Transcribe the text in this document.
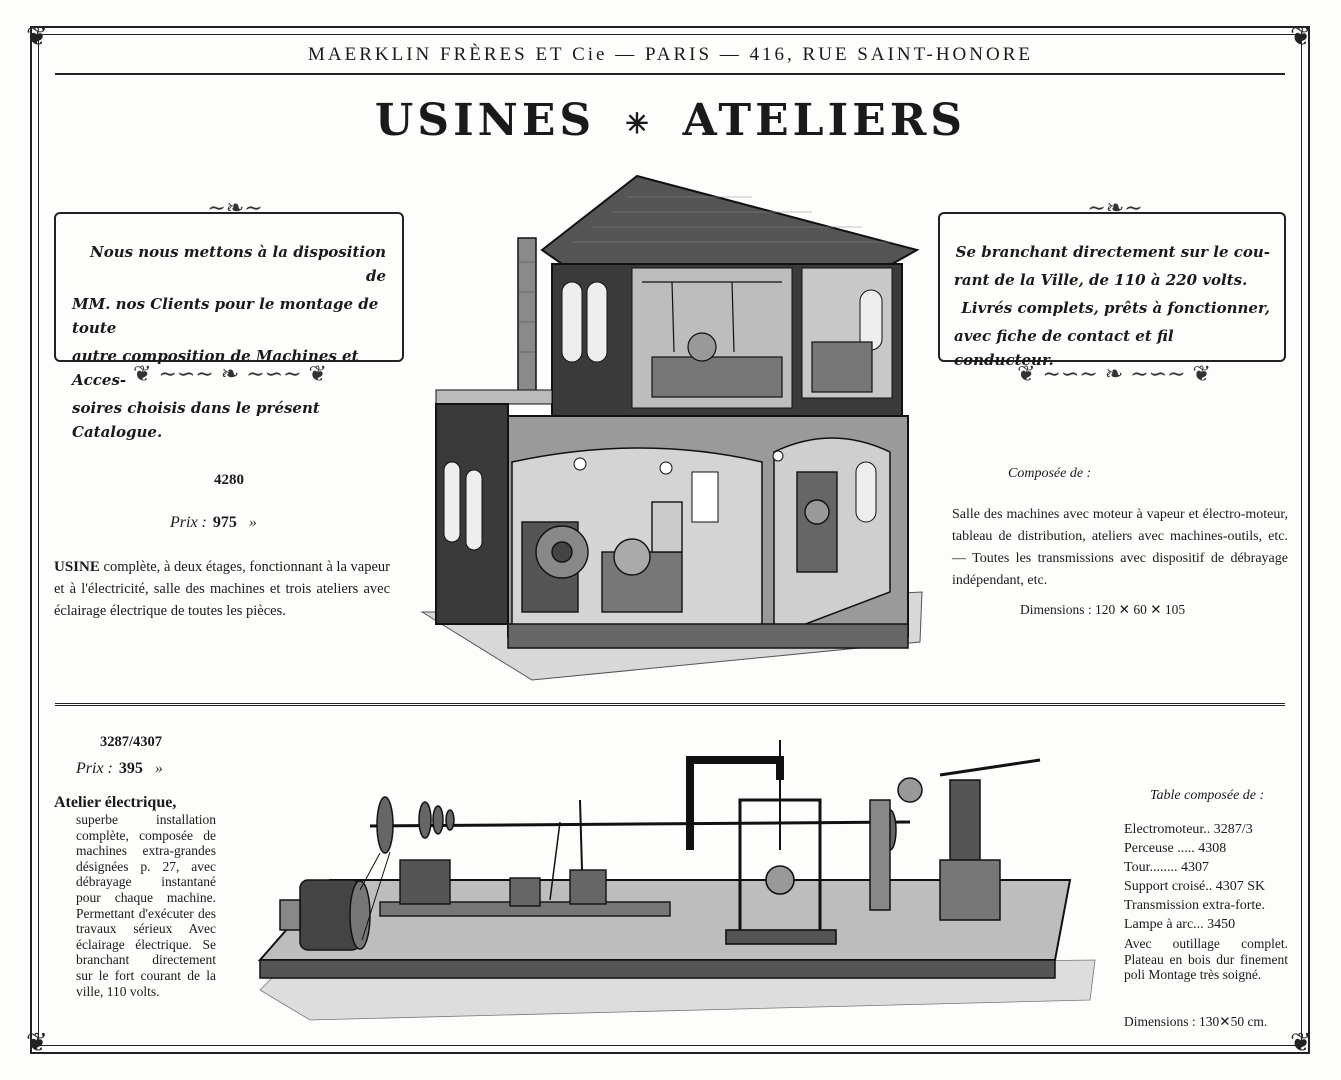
❦	❦
❦	❦
MAERKLIN FRÈRES ET Cie — PARIS — 416, RUE SAINT-HONORE
USINES ✳ ATELIERS
∼❧∼

Nous nous mettons à la disposition de

MM. nos Clients pour le montage de toute

autre composition de Machines et Acces-

soires choisis dans le présent Catalogue.

❦ ∼∽∼ ❧ ∼∽∼ ❦
∼❧∼

Se branchant directement sur le cou-

rant de la Ville, de 110 à 220 volts.

Livrés complets, prêts à fonctionner,

avec fiche de contact et fil conducteur.

❦ ∼∽∼ ❧ ∼∽∼ ❦
4280
Prix : 975 »
USINE complète, à deux étages, fonctionnant à la vapeur et à l'électricité, salle des machines et trois ateliers avec éclairage électrique de toutes les pièces.
Composée de :
Salle des machines avec moteur à vapeur et électro-moteur, tableau de distribution, ateliers avec machines-outils, etc. — Toutes les transmissions avec dispositif de débrayage indépendant, etc.
Dimensions : 120 ✕ 60 ✕ 105
3287/4307
Prix : 395 »
Atelier électrique,
superbe installation complète, composée de machines extra-grandes désignées p. 27, avec débrayage instantané pour chaque machine. Permettant d'exécuter des travaux sérieux Avec éclairage électrique. Se branchant directement sur le fort courant de la ville, 110 volts.
Table composée de :
Electromoteur.. 3287/3
Perceuse ..... 4308
Tour........ 4307
Support croisé.. 4307 SK
Transmission extra-forte.
Lampe à arc... 3450
Avec outillage complet. Plateau en bois dur finement poli Montage très soigné.
Dimensions : 130✕50 cm.
